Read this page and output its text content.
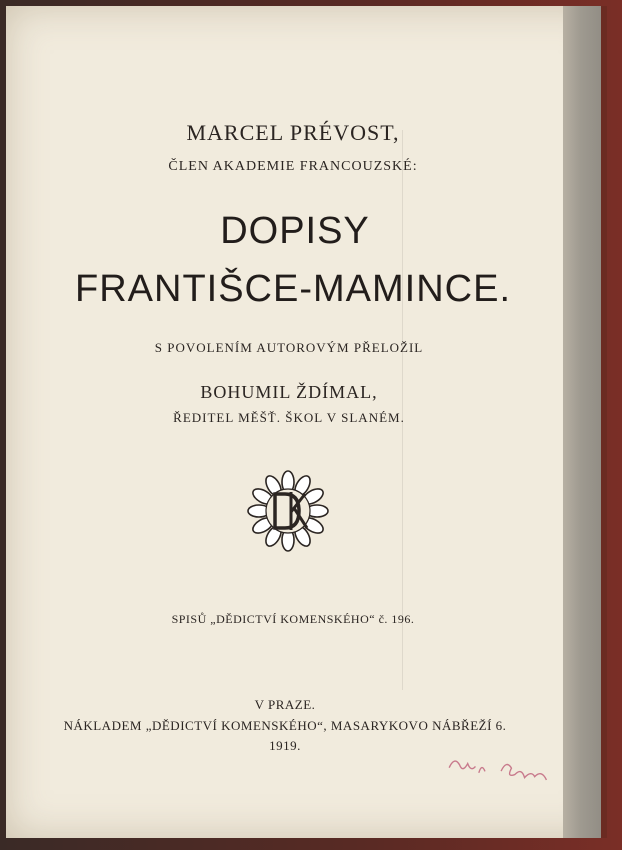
MARCEL PRÉVOST,
ČLEN AKADEMIE FRANCOUZSKÉ:
DOPISY
FRANTIŠCE-MAMINCE.
S POVOLENÍM AUTOROVÝM PŘELOŽIL
BOHUMIL ŽDÍMAL,
ŘEDITEL MĚŠŤ. ŠKOL V SLANÉM.
SPISŮ „DĚDICTVÍ KOMENSKÉHO“ č. 196.
V PRAZE.
NÁKLADEM „DĚDICTVÍ KOMENSKÉHO“, MASARYKOVO NÁBŘEŽÍ 6.
1919.
